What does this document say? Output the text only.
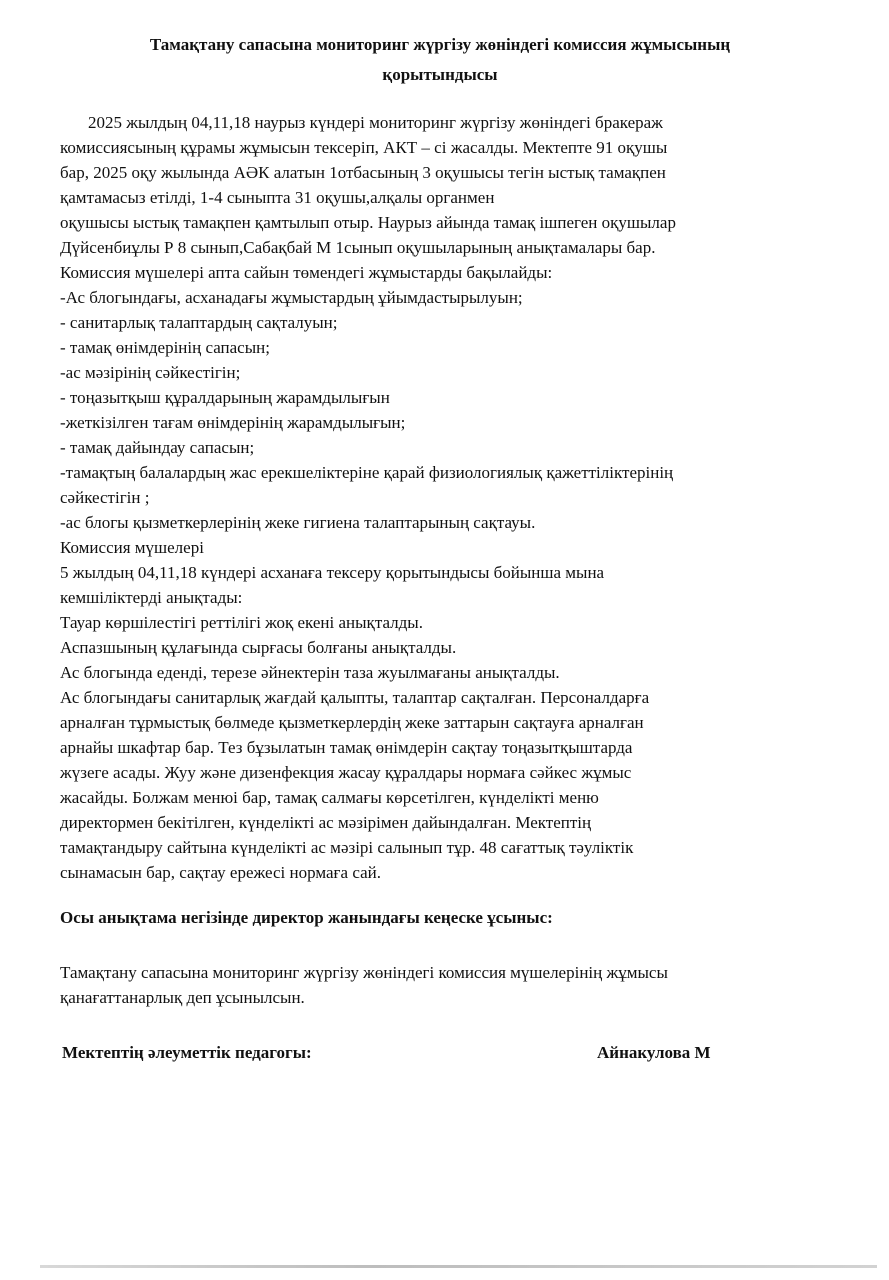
Тамақтану сапасына мониторинг жүргізу жөніндегі комиссия жұмысының
қорытындысы
2025 жылдың 04,11,18 наурыз күндері мониторинг жүргізу жөніндегі бракераж
комиссиясының құрамы жұмысын тексеріп, АКТ – сі жасалды. Мектепте 91 оқушы
бар, 2025 оқу жылында АӘК алатын 1отбасының 3 оқушысы тегін ыстық тамақпен
қамтамасыз етілді, 1-4 сыныпта 31 оқушы,алқалы органмен
оқушысы ыстық тамақпен қамтылып отыр. Наурыз айында тамақ ішпеген оқушылар
Дүйсенбиұлы Р 8 сынып,Сабақбай М 1сынып оқушыларының анықтамалары бар.
Комиссия мүшелері апта сайын төмендегі жұмыстарды бақылайды:
-Ас блогындағы, асханадағы жұмыстардың ұйымдастырылуын;
- санитарлық талаптардың сақталуын;
- тамақ өнімдерінің сапасын;
-ас мәзірінің сәйкестігін;
- тоңазытқыш құралдарының жарамдылығын
-жеткізілген тағам өнімдерінің жарамдылығын;
- тамақ дайындау сапасын;
-тамақтың балалардың жас ерекшеліктеріне қарай физиологиялық қажеттіліктерінің
сәйкестігін ;
-ас блогы қызметкерлерінің жеке гигиена талаптарының сақтауы.
Комиссия мүшелері
5 жылдың 04,11,18 күндері асханаға тексеру қорытындысы бойынша мына
кемшіліктерді анықтады:
Тауар көршілестігі реттілігі жоқ екені анықталды.
Аспазшының құлағында сырғасы болғаны анықталды.
Ас блогында еденді, терезе әйнектерін таза жуылмағаны анықталды.
Ас блогындағы санитарлық жағдай қалыпты, талаптар сақталған. Персоналдарға
арналған тұрмыстық бөлмеде қызметкерлердің жеке заттарын сақтауға арналған
арнайы шкафтар бар. Тез бұзылатын тамақ өнімдерін сақтау тоңазытқыштарда
жүзеге асады. Жуу және дизенфекция жасау құралдары нормаға сәйкес жұмыс
жасайды. Болжам менюі бар, тамақ салмағы көрсетілген, күнделікті меню
директормен бекітілген, күнделікті ас мәзірімен дайындалған. Мектептің
тамақтандыру сайтына күнделікті ас мәзірі салынып тұр. 48 сағаттық тәуліктік
сынамасын бар, сақтау ережесі нормаға сай.
Осы анықтама негізінде директор жанындағы кеңеске ұсыныс:
Тамақтану сапасына мониторинг жүргізу жөніндегі комиссия мүшелерінің жұмысы
қанағаттанарлық деп ұсынылсын.
Мектептің әлеуметтік педагогы:	Айнакулова М
